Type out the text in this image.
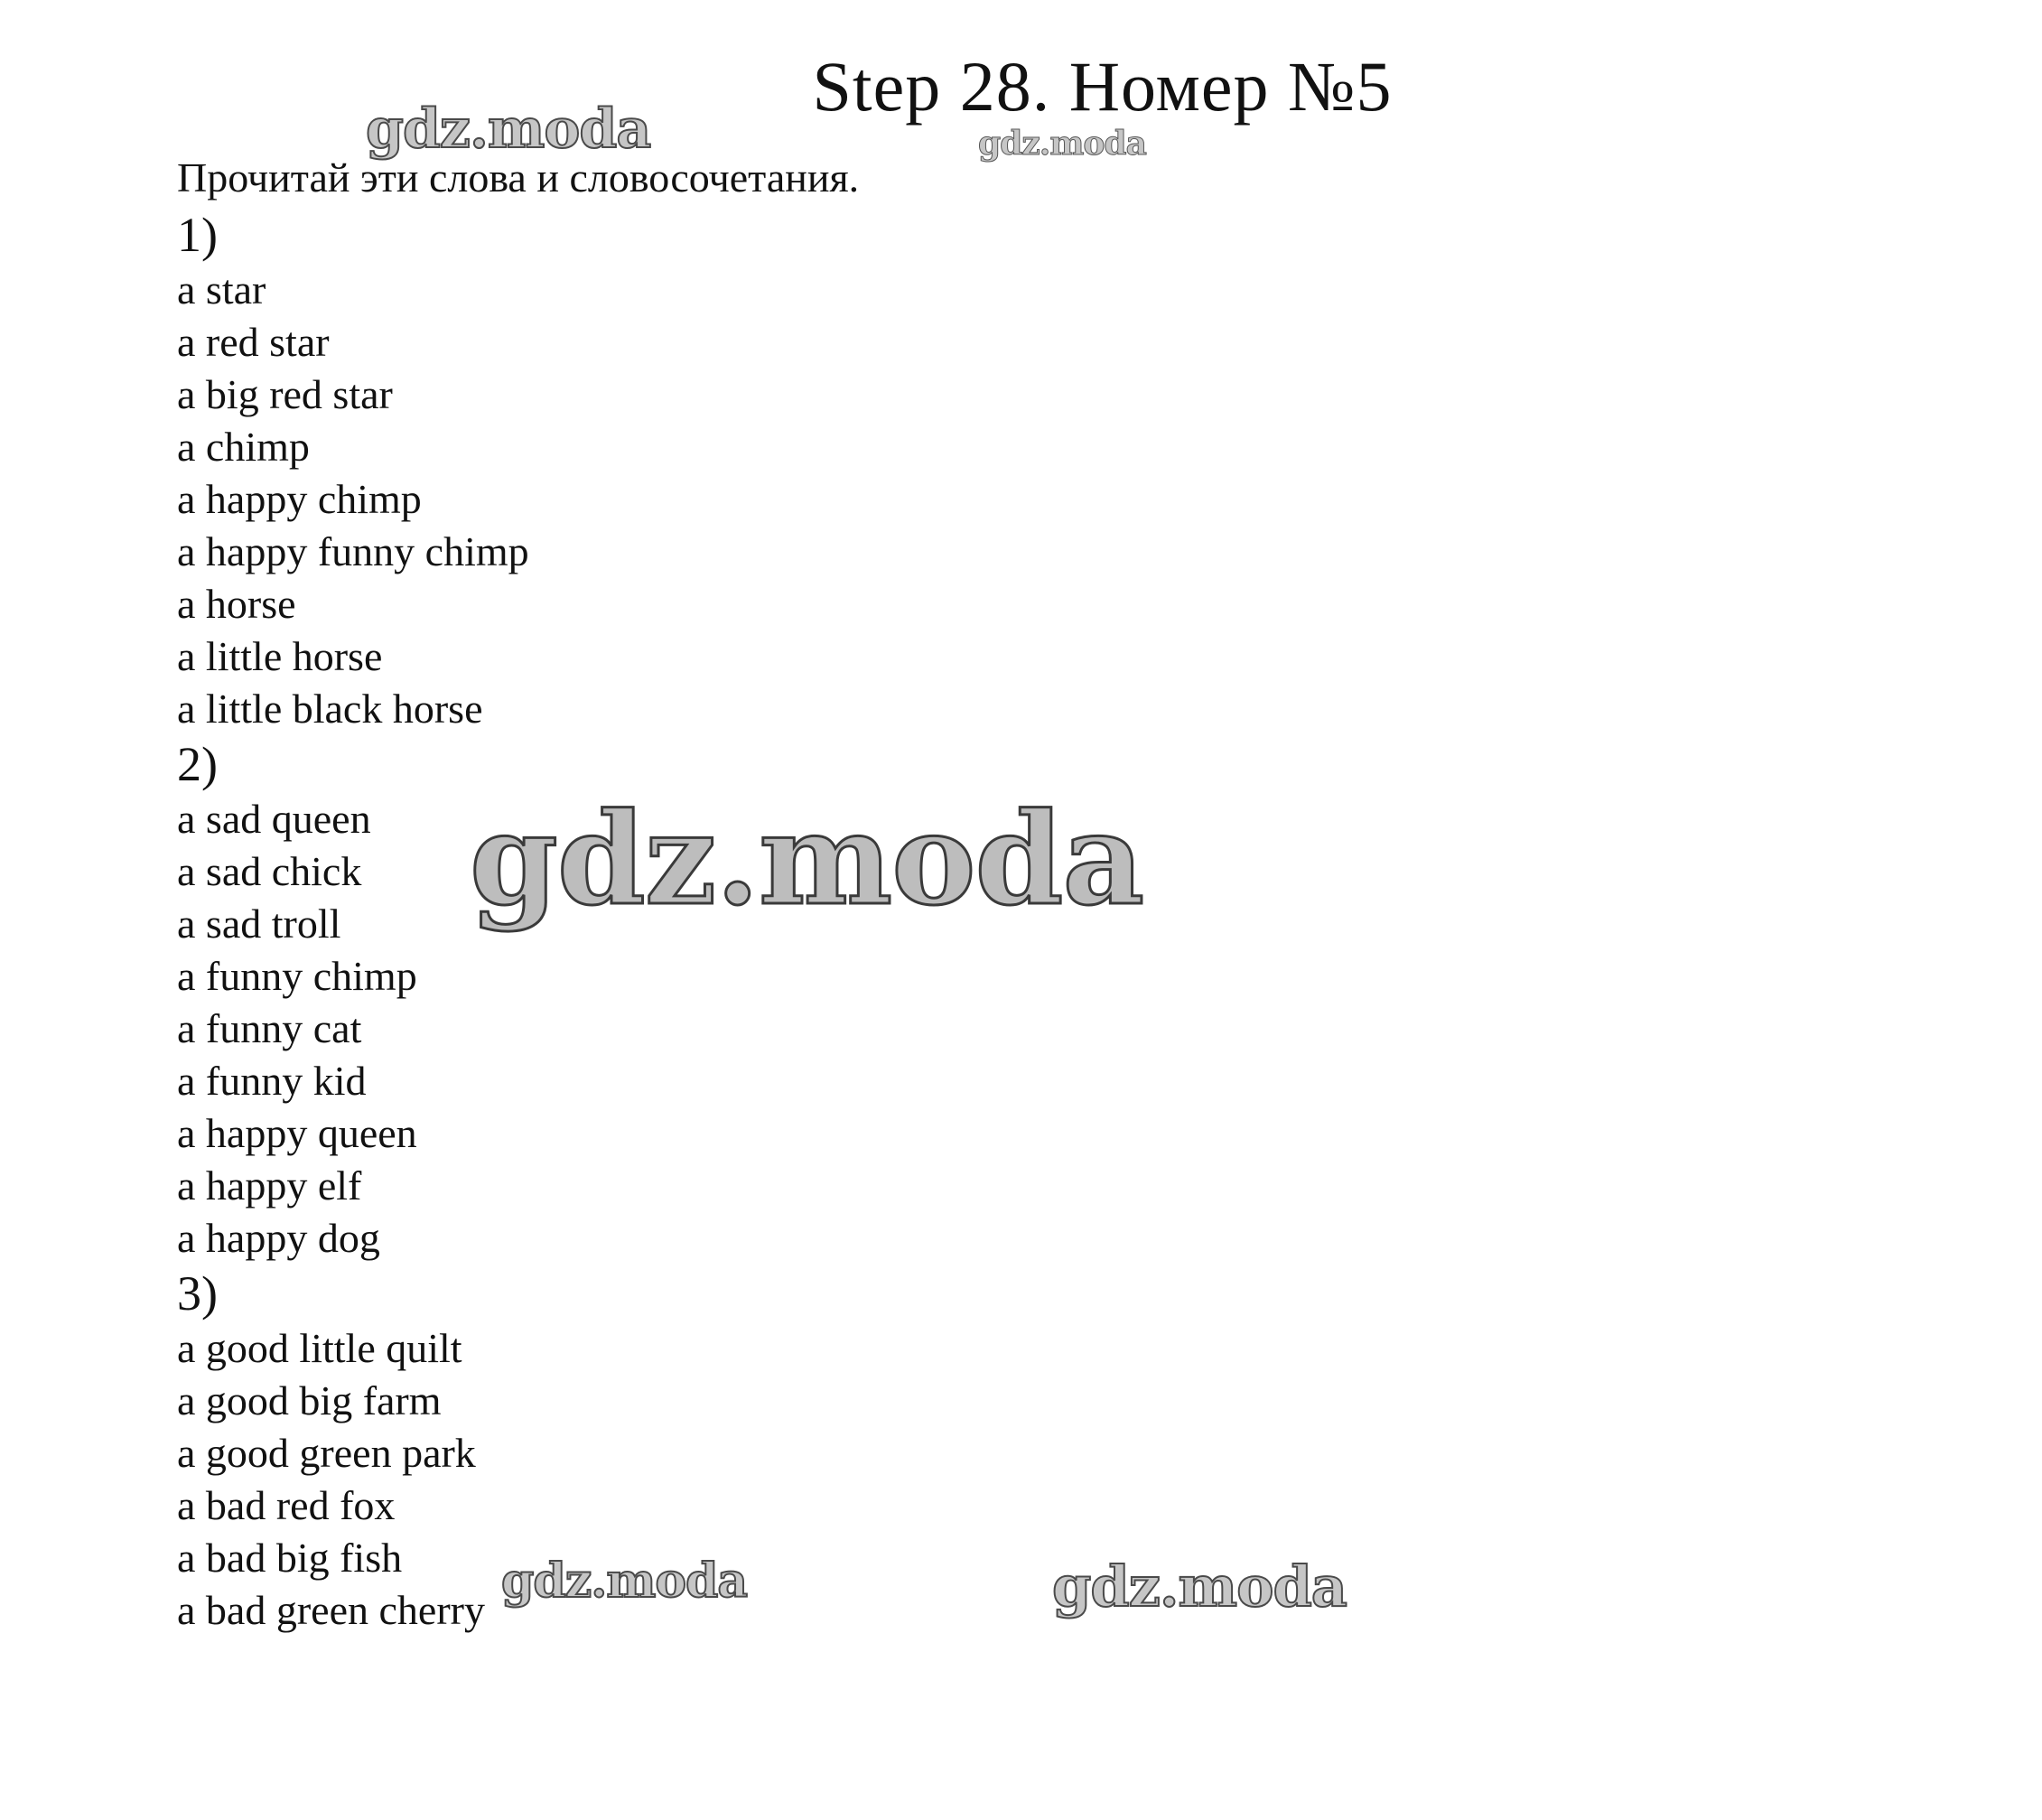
Step 28. Номер №5
Прочитай эти слова и словосочетания.
1)
a star
a red star
a big red star
a chimp
a happy chimp
a happy funny chimp
a horse
a little horse
a little black horse
2)
a sad queen
a sad chick
a sad troll
a funny chimp
a funny cat
a funny kid
a happy queen
a happy elf
a happy dog
3)
a good little quilt
a good big farm
a good green park
a bad red fox
a bad big fish
a bad green cherry
gdz.moda	gdz.moda
gdz.moda
gdz.moda	gdz.moda
